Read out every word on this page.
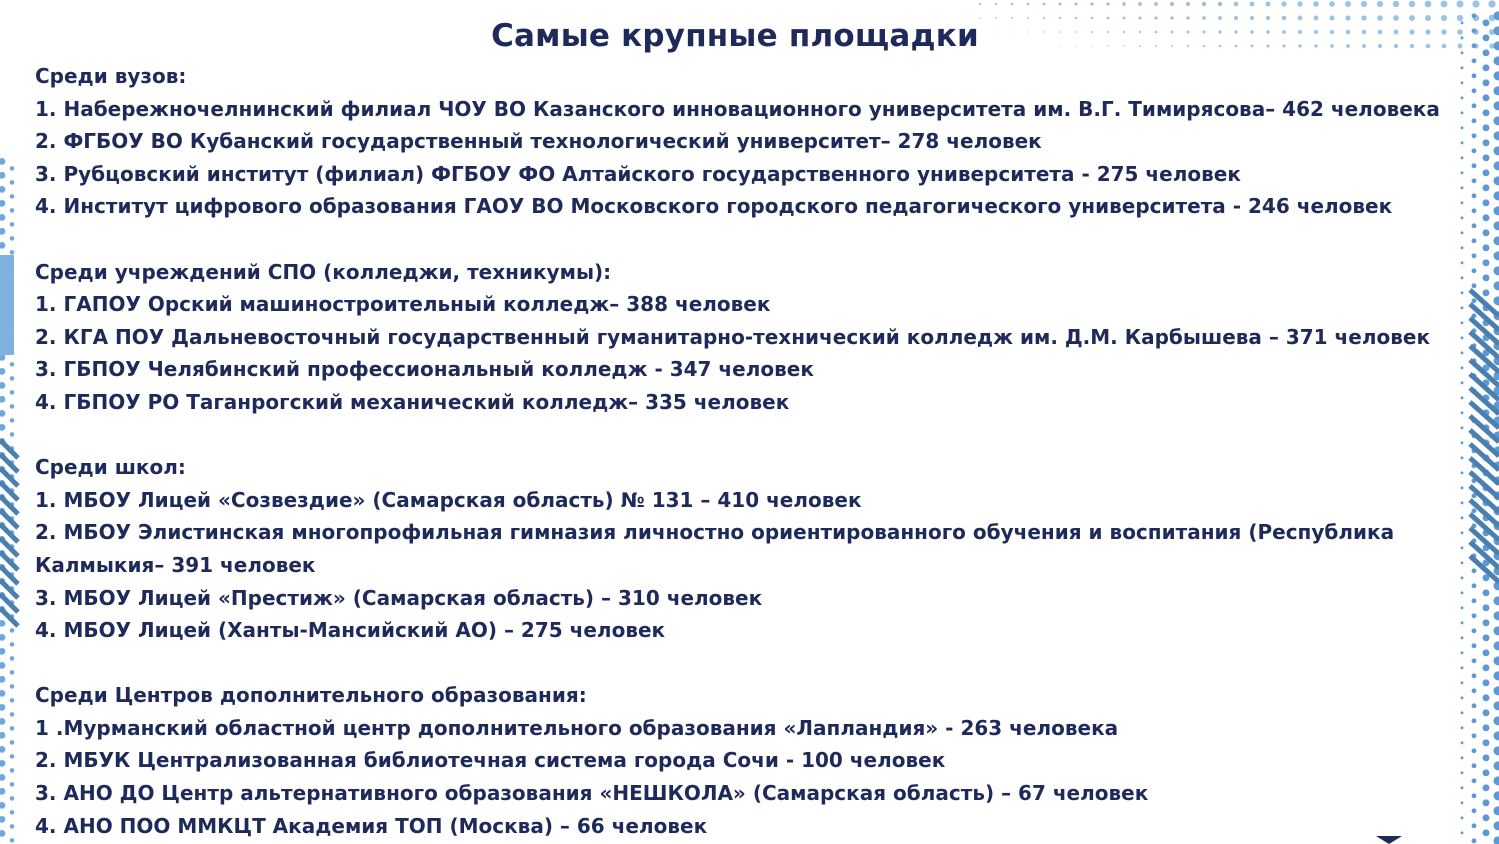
Самые крупные площадки

Среди вузов:

1. Набережночелнинский филиал ЧОУ ВО Казанского инновационного университета им. В.Г. Тимирясова– 462 человека

2. ФГБОУ ВО Кубанский государственный технологический университет– 278 человек

3. Рубцовский институт (филиал) ФГБОУ ФО Алтайского государственного университета - 275 человек

4. Институт цифрового образования ГАОУ ВО Московского городского педагогического университета - 246 человек

Среди учреждений СПО (колледжи, техникумы):

1. ГАПОУ Орский машиностроительный колледж– 388 человек

2. КГА ПОУ Дальневосточный государственный гуманитарно-технический колледж им. Д.М. Карбышева – 371 человек

3. ГБПОУ Челябинский профессиональный колледж - 347 человек

4. ГБПОУ РО Таганрогский механический колледж– 335 человек

Среди школ:

1. МБОУ Лицей «Созвездие» (Самарская область) № 131 – 410 человек

2. МБОУ Элистинская многопрофильная гимназия личностно ориентированного обучения и воспитания (Республика Калмыкия– 391 человек

3. МБОУ Лицей «Престиж» (Самарская область) – 310 человек

4. МБОУ Лицей (Ханты-Мансийский АО) – 275 человек

Среди Центров дополнительного образования:

1 .Мурманский областной центр дополнительного образования «Лапландия» - 263 человека

2. МБУК Централизованная библиотечная система города Сочи - 100 человек

3. АНО ДО Центр альтернативного образования «НЕШКОЛА» (Самарская область) – 67 человек

4. АНО ПОО ММКЦТ Академия ТОП (Москва) – 66 человек
